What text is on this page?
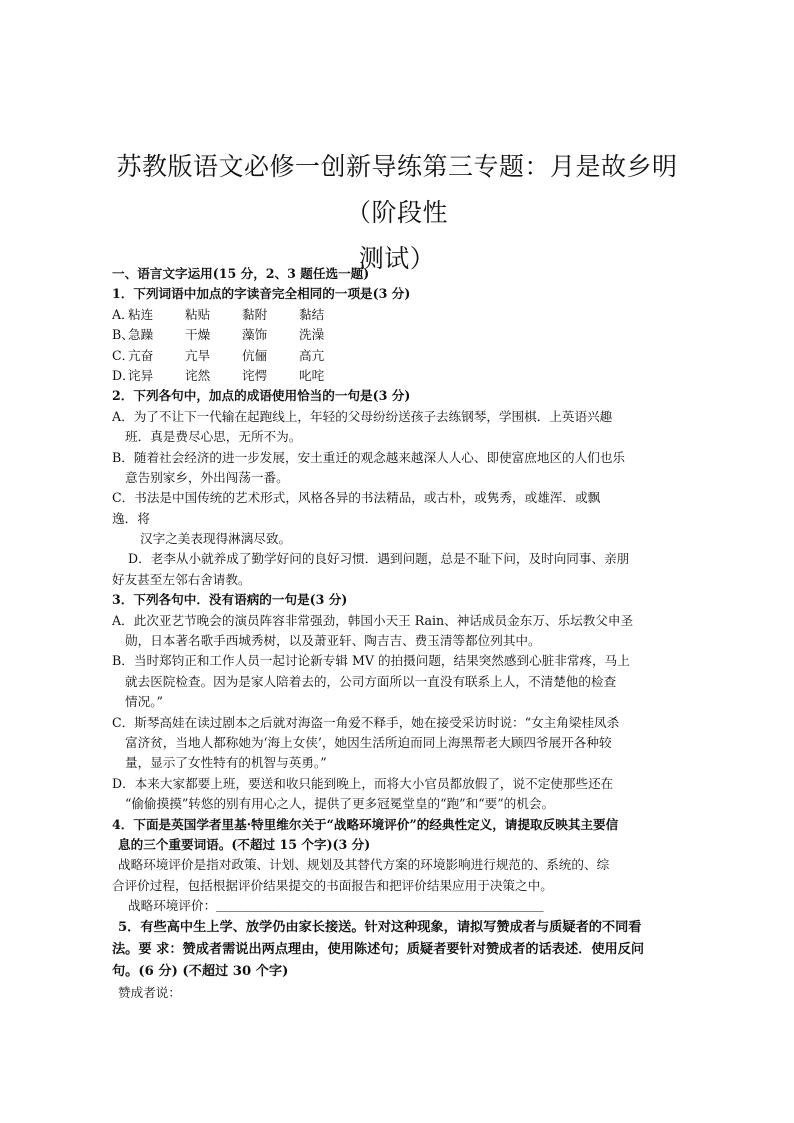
苏教版语文必修一创新导练第三专题：月是故乡明（阶段性
测试）
一、语言文字运用(15 分，2、3 题任选一题)
1．下列词语中加点的字读音完全相同的一项是(3 分)
A．粘连	粘贴	黏附	黏结
B、急躁	干燥	藻饰	洗澡
C．亢奋	亢旱	伉俪	高亢
D．诧异	诧然	诧愕	叱咤
2．下列各句中，加点的成语使用恰当的一句是(3 分)
A．为了不让下一代输在起跑线上，年轻的父母纷纷送孩子去练钢琴，学围棋．上英语兴趣
班．真是费尽心思，无所不为。
B．随着社会经济的进一步发展，安土重迁的观念越来越深人人心、即使富庶地区的人们也乐
意告别家乡，外出闯荡一番。
C．书法是中国传统的艺术形式，风格各异的书法精品，或古朴，或隽秀，或雄浑．或飘
逸．将
汉字之美表现得淋漓尽致。
D．老李从小就养成了勤学好问的良好习惯．遇到问题，总是不耻下问，及时向同事、亲朋
好友甚至左邻右舍请教。
3．下列各句中．没有语病的一句是(3 分)
A．此次亚艺节晚会的演员阵容非常强劲，韩国小天王 Rain、神话成员金东万、乐坛教父申圣
勋，日本著名歌手西城秀树，以及萧亚轩、陶吉吉、费玉清等都位列其中。
B．当时郑钧正和工作人员一起讨论新专辑 MV 的拍摄问题，结果突然感到心脏非常疼，马上
就去医院检查。因为是家人陪着去的，公司方面所以一直没有联系上人，不清楚他的检查
情况。”
C．斯琴高娃在读过剧本之后就对海盗一角爱不释手，她在接受采访时说：“女主角梁桂凤杀
富济贫，当地人都称她为‘海上女侠’，她因生活所迫而同上海黑帮老大顾四爷展开各种较
量，显示了女性特有的机智与英勇。”
D．本来大家都要上班，要送和收只能到晚上，而将大小官员都放假了，说不定使那些还在
“偷偷摸摸”转悠的别有用心之人，提供了更多冠冕堂皇的“跑”和“要”的机会。
4．下面是英国学者里基·特里维尔关于“战略环境评价”的经典性定义，请提取反映其主要信
息的三个重要词语。(不超过 15 个字)(3 分)
战略环境评价是指对政策、计划、规划及其替代方案的环境影响进行规范的、系统的、综
合评价过程，包括根据评价结果提交的书面报告和把评价结果应用于决策之中。
战略环境评价：＿＿＿＿＿＿＿＿＿＿＿＿＿＿＿＿＿＿＿＿＿＿＿＿＿＿
5．有些高中生上学、放学仍由家长接送。针对这种现象，请拟写赞成者与质疑者的不同看
法。要 求：赞成者需说出两点理由，使用陈述句；质疑者要针对赞成者的话表述．使用反问
句。(6 分) (不超过 30 个字)
赞成者说：
